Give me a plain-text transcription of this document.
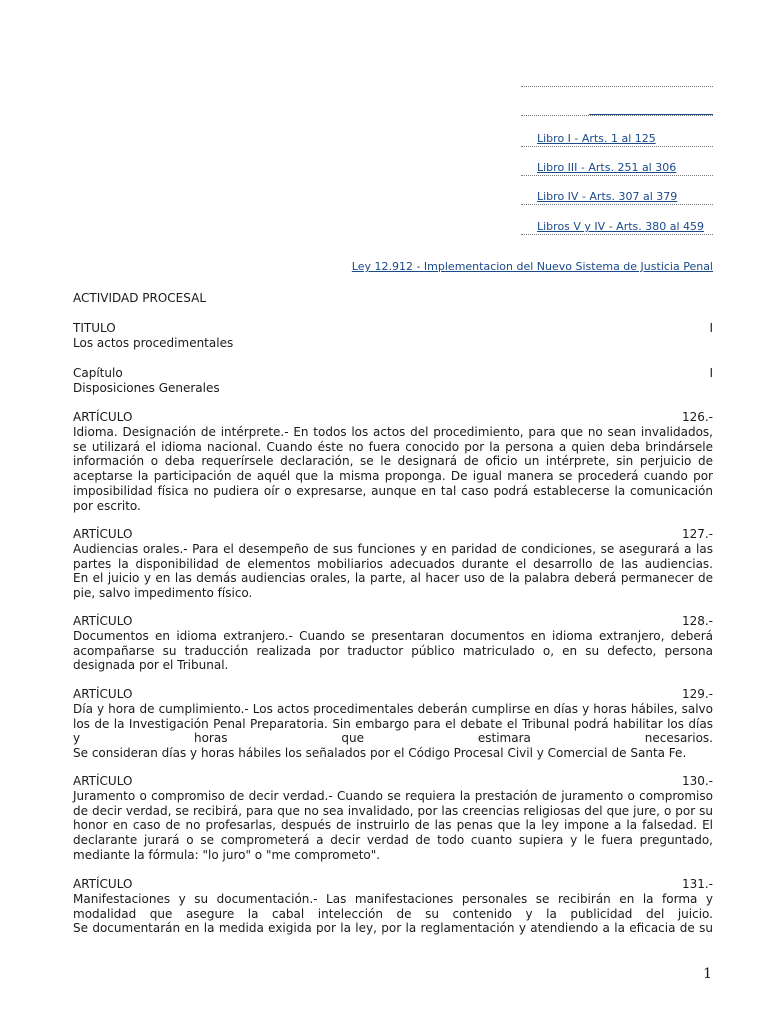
Libro I - Arts. 1 al 125
Libro III - Arts. 251 al 306
Libro IV - Arts. 307 al 379
Libros V y IV - Arts. 380 al 459
Ley 12.912 - Implementacion del Nuevo Sistema de Justicia Penal
ACTIVIDAD PROCESAL
TITULO	I
Los actos procedimentales
Capítulo	I
Disposiciones Generales
ARTÍCULO	126.-
Idioma. Designación de intérprete.- En todos los actos del procedimiento, para que no sean invalidados, se utilizará el idioma nacional. Cuando éste no fuera conocido por la persona a quien deba brindársele información o deba requerírsele declaración, se le designará de oficio un intérprete, sin perjuicio de aceptarse la participación de aquél que la misma proponga. De igual manera se procederá cuando por imposibilidad física no pudiera oír o expresarse, aunque en tal caso podrá establecerse la comunicación por escrito.
ARTÍCULO	127.-
Audiencias orales.- Para el desempeño de sus funciones y en paridad de condiciones, se asegurará a las partes la disponibilidad de elementos mobiliarios adecuados durante el desarrollo de las audiencias.
En el juicio y en las demás audiencias orales, la parte, al hacer uso de la palabra deberá permanecer de pie, salvo impedimento físico.
ARTÍCULO	128.-
Documentos en idioma extranjero.- Cuando se presentaran documentos en idioma extranjero, deberá acompañarse su traducción realizada por traductor público matriculado o, en su defecto, persona designada por el Tribunal.
ARTÍCULO	129.-
Día y hora de cumplimiento.- Los actos procedimentales deberán cumplirse en días y horas hábiles, salvo los de la Investigación Penal Preparatoria. Sin embargo para el debate el Tribunal podrá habilitar los días y horas que estimara necesarios.
Se consideran días y horas hábiles los señalados por el Código Procesal Civil y Comercial de Santa Fe.
ARTÍCULO	130.-
Juramento o compromiso de decir verdad.- Cuando se requiera la prestación de juramento o compromiso de decir verdad, se recibirá, para que no sea invalidado, por las creencias religiosas del que jure, o por su honor en caso de no profesarlas, después de instruirlo de las penas que la ley impone a la falsedad. El declarante jurará o se comprometerá a decir verdad de todo cuanto supiera y le fuera preguntado, mediante la fórmula: "lo juro" o "me comprometo".
ARTÍCULO	131.-
Manifestaciones y su documentación.- Las manifestaciones personales se recibirán en la forma y modalidad que asegure la cabal intelección de su contenido y la publicidad del juicio.
Se documentarán en la medida exigida por la ley, por la reglamentación y atendiendo a la eficacia de su
1
